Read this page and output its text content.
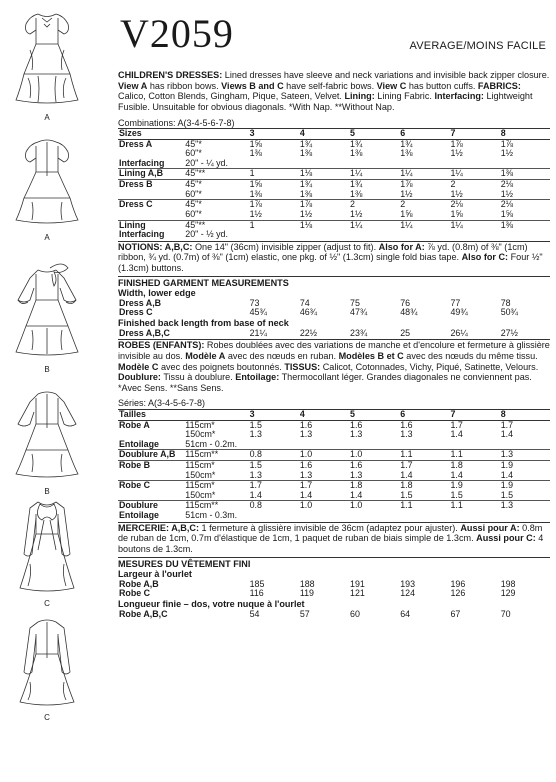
A
A
B
B
C
C
V2059	AVERAGE/MOINS FACILE
CHILDREN'S DRESSES: Lined dresses have sleeve and neck variations and invisible back zipper closure. View A has ribbon bows. Views B and C have self-fabric bows. View C has button cuffs. FABRICS: Calico, Cotton Blends, Gingham, Pique, Sateen, Velvet. Lining: Lining Fabric. Interfacing: Lightweight Fusible. Unsuitable for obvious diagonals. *With Nap. **Without Nap.
Combinations: A(3-4-5-6-7-8)
Sizes		3	4	5	6	7	8
Dress A	45"*	1⅝	1¾	1¾	1¾	1⅞	1⅞
	60"*	1⅜	1⅜	1⅜	1⅜	1½	1½
Interfacing	20" - ¼ yd.						
Lining A,B	45"**	1	1⅛	1¼	1¼	1¼	1⅜
Dress B	45"*	1⅝	1¾	1¾	1⅞	2	2⅛
	60"*	1⅜	1⅜	1⅜	1½	1½	1½
Dress C	45"*	1⅞	1⅞	2	2	2⅛	2⅛
	60"*	1½	1½	1½	1⅝	1⅝	1⅝
Lining	45"**	1	1⅛	1¼	1¼	1¼	1⅜
Interfacing	20" - ½ yd.						
NOTIONS: A,B,C: One 14" (36cm) invisible zipper (adjust to fit). Also for A: ⅞ yd. (0.8m) of ⅜" (1cm) ribbon, ¾ yd. (0.7m) of ⅜" (1cm) elastic, one pkg. of ½" (1.3cm) single fold bias tape. Also for C: Four ½" (1.3cm) buttons.
FINISHED GARMENT MEASUREMENTS
Width, lower edge
Dress A,B		73	74	75	76	77	78
Dress C		45¾	46¾	47¾	48¾	49¾	50¾
Finished back length from base of neck
Dress A,B,C		21¼	22½	23¾	25	26¼	27½
ROBES (ENFANTS): Robes doublées avec des variations de manche et d'encolure et fermeture à glissière invisible au dos. Modèle A avec des nœuds en ruban. Modèles B et C avec des nœuds du même tissu. Modèle C avec des poignets boutonnés. TISSUS: Calicot, Cotonnades, Vichy, Piqué, Satinette, Velours. Doublure: Tissu à doublure. Entoilage: Thermocollant léger. Grandes diagonales ne conviennent pas. *Avec Sens. **Sans Sens.
Séries: A(3-4-5-6-7-8)
Tailles		3	4	5	6	7	8
Robe A	115cm*	1.5	1.6	1.6	1.6	1.7	1.7
	150cm*	1.3	1.3	1.3	1.3	1.4	1.4
Entoilage	51cm - 0.2m.						
Doublure A,B	115cm**	0.8	1.0	1.0	1.1	1.1	1.3
Robe B	115cm*	1.5	1.6	1.6	1.7	1.8	1.9
	150cm*	1.3	1.3	1.3	1.4	1.4	1.4
Robe C	115cm*	1.7	1.7	1.8	1.8	1.9	1.9
	150cm*	1.4	1.4	1.4	1.5	1.5	1.5
Doublure	115cm**	0.8	1.0	1.0	1.1	1.1	1.3
Entoilage	51cm - 0.3m.						
MERCERIE: A,B,C: 1 fermeture à glissière invisible de 36cm (adaptez pour ajuster). Aussi pour A: 0.8m de ruban de 1cm, 0.7m d'élastique de 1cm, 1 paquet de ruban de biais simple de 1.3cm. Aussi pour C: 4 boutons de 1.3cm.
MESURES DU VÊTEMENT FINI
Largeur à l'ourlet
Robe A,B		185	188	191	193	196	198
Robe C		116	119	121	124	126	129
Longueur finie – dos, votre nuque à l'ourlet
Robe A,B,C		54	57	60	64	67	70
